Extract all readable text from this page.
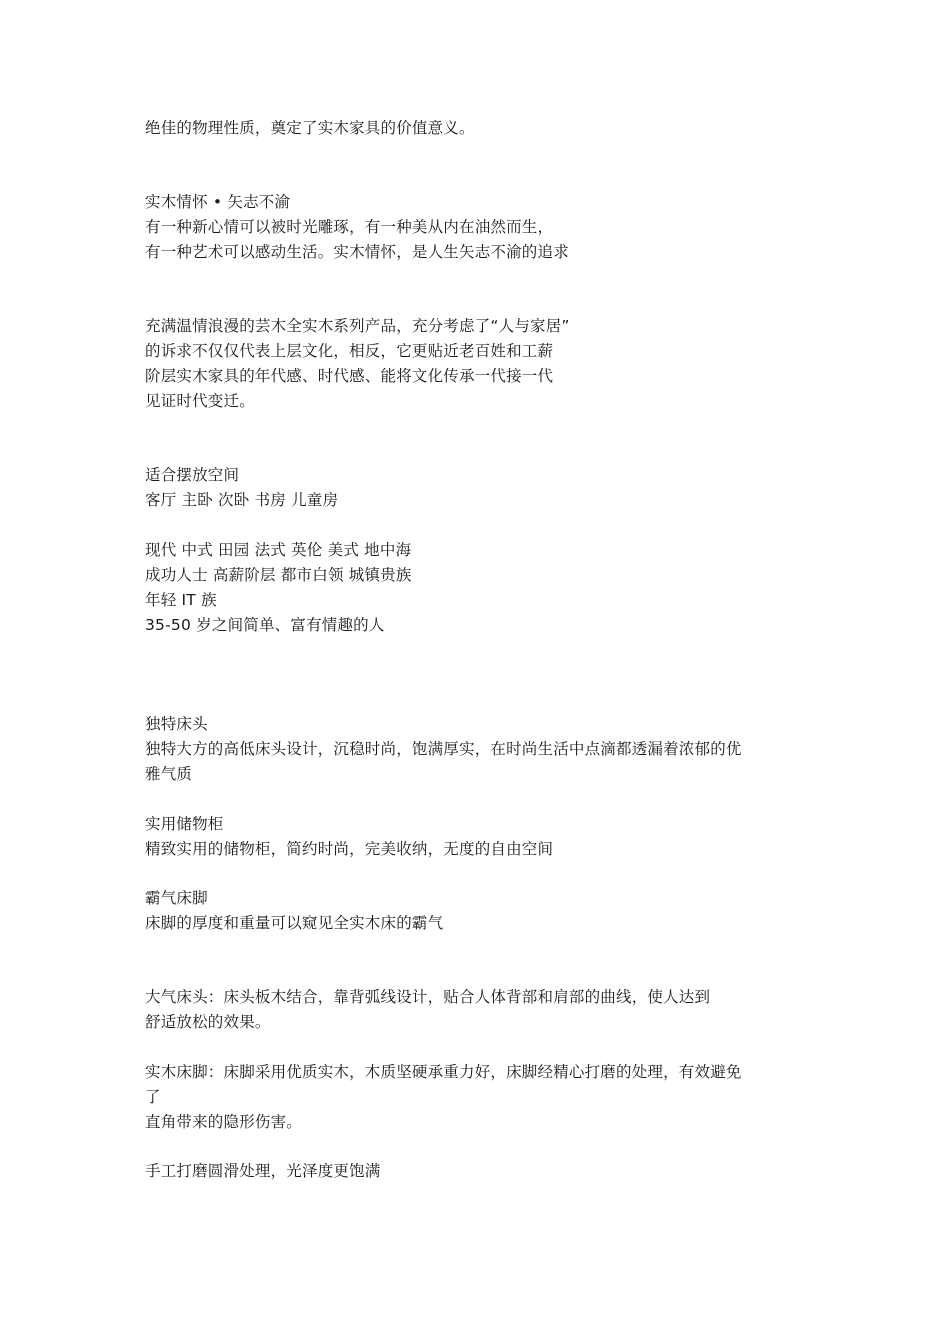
绝佳的物理性质，奠定了实木家具的价值意义。
实木情怀 • 矢志不渝
有一种新心情可以被时光雕琢，有一种美从内在油然而生，
有一种艺术可以感动生活。实木情怀，是人生矢志不渝的追求
充满温情浪漫的芸木全实木系列产品，充分考虑了“人与家居”
的诉求不仅仅代表上层文化，相反，它更贴近老百姓和工薪
阶层实木家具的年代感、时代感、能将文化传承一代接一代
见证时代变迁。
适合摆放空间
客厅 主卧 次卧 书房 儿童房
现代 中式 田园 法式 英伦 美式 地中海
成功人士 高薪阶层 都市白领 城镇贵族
年轻 IT 族
35-50 岁之间简单、富有情趣的人
独特床头
独特大方的高低床头设计，沉稳时尚，饱满厚实，在时尚生活中点滴都透漏着浓郁的优
雅气质
实用储物柜
精致实用的储物柜，简约时尚，完美收纳，无度的自由空间
霸气床脚
床脚的厚度和重量可以窥见全实木床的霸气
大气床头：床头板木结合，靠背弧线设计，贴合人体背部和肩部的曲线，使人达到
舒适放松的效果。
实木床脚：床脚采用优质实木，木质坚硬承重力好，床脚经精心打磨的处理，有效避免
了
直角带来的隐形伤害。
手工打磨圆滑处理，光泽度更饱满
